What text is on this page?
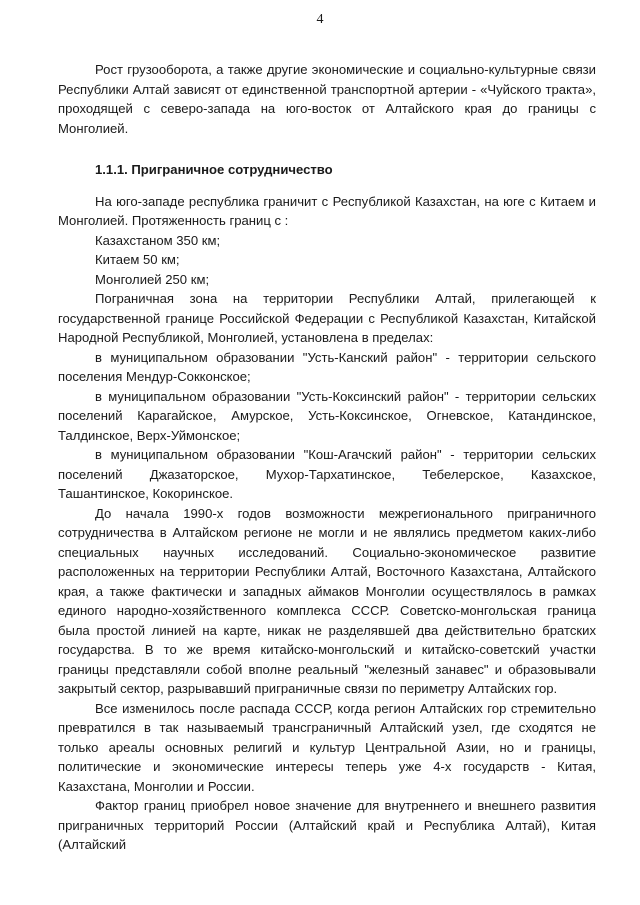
4

Рост грузооборота, а также другие экономические и социально-культурные связи Республики Алтай зависят от единственной транспортной артерии - «Чуйского тракта», проходящей с северо-запада на юго-восток от Алтайского края до границы с Монголией.

1.1.1. Приграничное сотрудничество

На юго-западе республика граничит с Республикой Казахстан, на юге с Китаем и Монголией. Протяженность границ с :

Казахстаном 350 км;

Китаем 50 км;

Монголией 250 км;

Пограничная зона на территории Республики Алтай, прилегающей к государственной границе Российской Федерации с Республикой Казахстан, Китайской Народной Республикой, Монголией, установлена в пределах:

в муниципальном образовании "Усть-Канский район" - территории сельского поселения Мендур-Сокконское;

в муниципальном образовании "Усть-Коксинский район" - территории сельских поселений Карагайское, Амурское, Усть-Коксинское, Огневское, Катандинское, Талдинское, Верх-Уймонское;

в муниципальном образовании "Кош-Агачский район" - территории сельских поселений Джазаторское, Мухор-Тархатинское, Тебелерское, Казахское, Ташантинское, Кокоринское.

До начала 1990-х годов возможности межрегионального приграничного сотрудничества в Алтайском регионе не могли и не являлись предметом каких-либо специальных научных исследований. Социально-экономическое развитие расположенных на территории Республики Алтай, Восточного Казахстана, Алтайского края, а также фактически и западных аймаков Монголии осуществлялось в рамках единого народно-хозяйственного комплекса СССР. Советско-монгольская граница была простой линией на карте, никак не разделявшей два действительно братских государства. В то же время китайско-монгольский и китайско-советский участки границы представляли собой вполне реальный "железный занавес" и образовывали закрытый сектор, разрывавший приграничные связи по периметру Алтайских гор.

Все изменилось после распада СССР, когда регион Алтайских гор стремительно превратился в так называемый трансграничный Алтайский узел, где сходятся не только ареалы основных религий и культур Центральной Азии, но и границы, политические и экономические интересы теперь уже 4-х государств - Китая, Казахстана, Монголии и России.

Фактор границ приобрел новое значение для внутреннего и внешнего развития приграничных территорий России (Алтайский край и Республика Алтай), Китая (Алтайский
